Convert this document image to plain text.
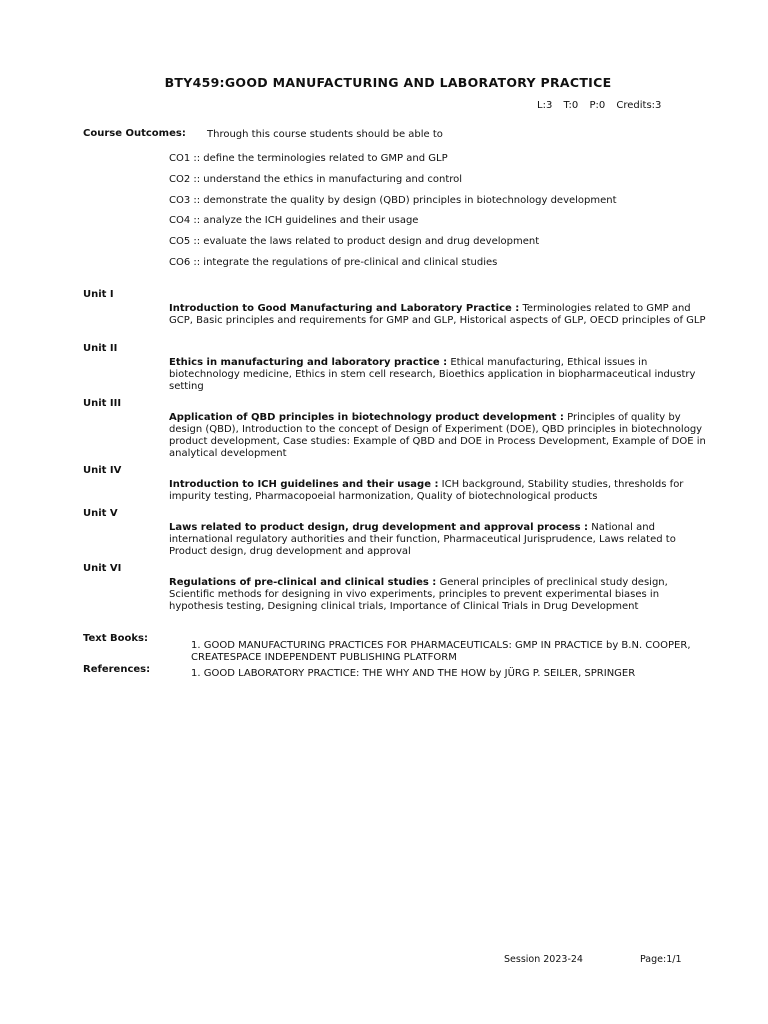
BTY459:GOOD MANUFACTURING AND LABORATORY PRACTICE
L:3 T:0 P:0 Credits:3
Course Outcomes: Through this course students should be able to
CO1 :: define the terminologies related to GMP and GLP
CO2 :: understand the ethics in manufacturing and control
CO3 :: demonstrate the quality by design (QBD) principles in biotechnology development
CO4 :: analyze the ICH guidelines and their usage
CO5 :: evaluate the laws related to product design and drug development
CO6 :: integrate the regulations of pre-clinical and clinical studies
Unit I
Introduction to Good Manufacturing and Laboratory Practice : Terminologies related to GMP and GCP, Basic principles and requirements for GMP and GLP, Historical aspects of GLP, OECD principles of GLP
Unit II
Ethics in manufacturing and laboratory practice : Ethical manufacturing, Ethical issues in biotechnology medicine, Ethics in stem cell research, Bioethics application in biopharmaceutical industry setting
Unit III
Application of QBD principles in biotechnology product development : Principles of quality by design (QBD), Introduction to the concept of Design of Experiment (DOE), QBD principles in biotechnology product development, Case studies: Example of QBD and DOE in Process Development, Example of DOE in analytical development
Unit IV
Introduction to ICH guidelines and their usage : ICH background, Stability studies, thresholds for impurity testing, Pharmacopoeial harmonization, Quality of biotechnological products
Unit V
Laws related to product design, drug development and approval process : National and international regulatory authorities and their function, Pharmaceutical Jurisprudence, Laws related to Product design, drug development and approval
Unit VI
Regulations of pre-clinical and clinical studies : General principles of preclinical study design, Scientific methods for designing in vivo experiments, principles to prevent experimental biases in hypothesis testing, Designing clinical trials, Importance of Clinical Trials in Drug Development
Text Books:
1. GOOD MANUFACTURING PRACTICES FOR PHARMACEUTICALS: GMP IN PRACTICE by B.N. COOPER, CREATESPACE INDEPENDENT PUBLISHING PLATFORM
References:	1. GOOD LABORATORY PRACTICE: THE WHY AND THE HOW by JÜRG P. SEILER, SPRINGER
Session 2023-24	Page:1/1
